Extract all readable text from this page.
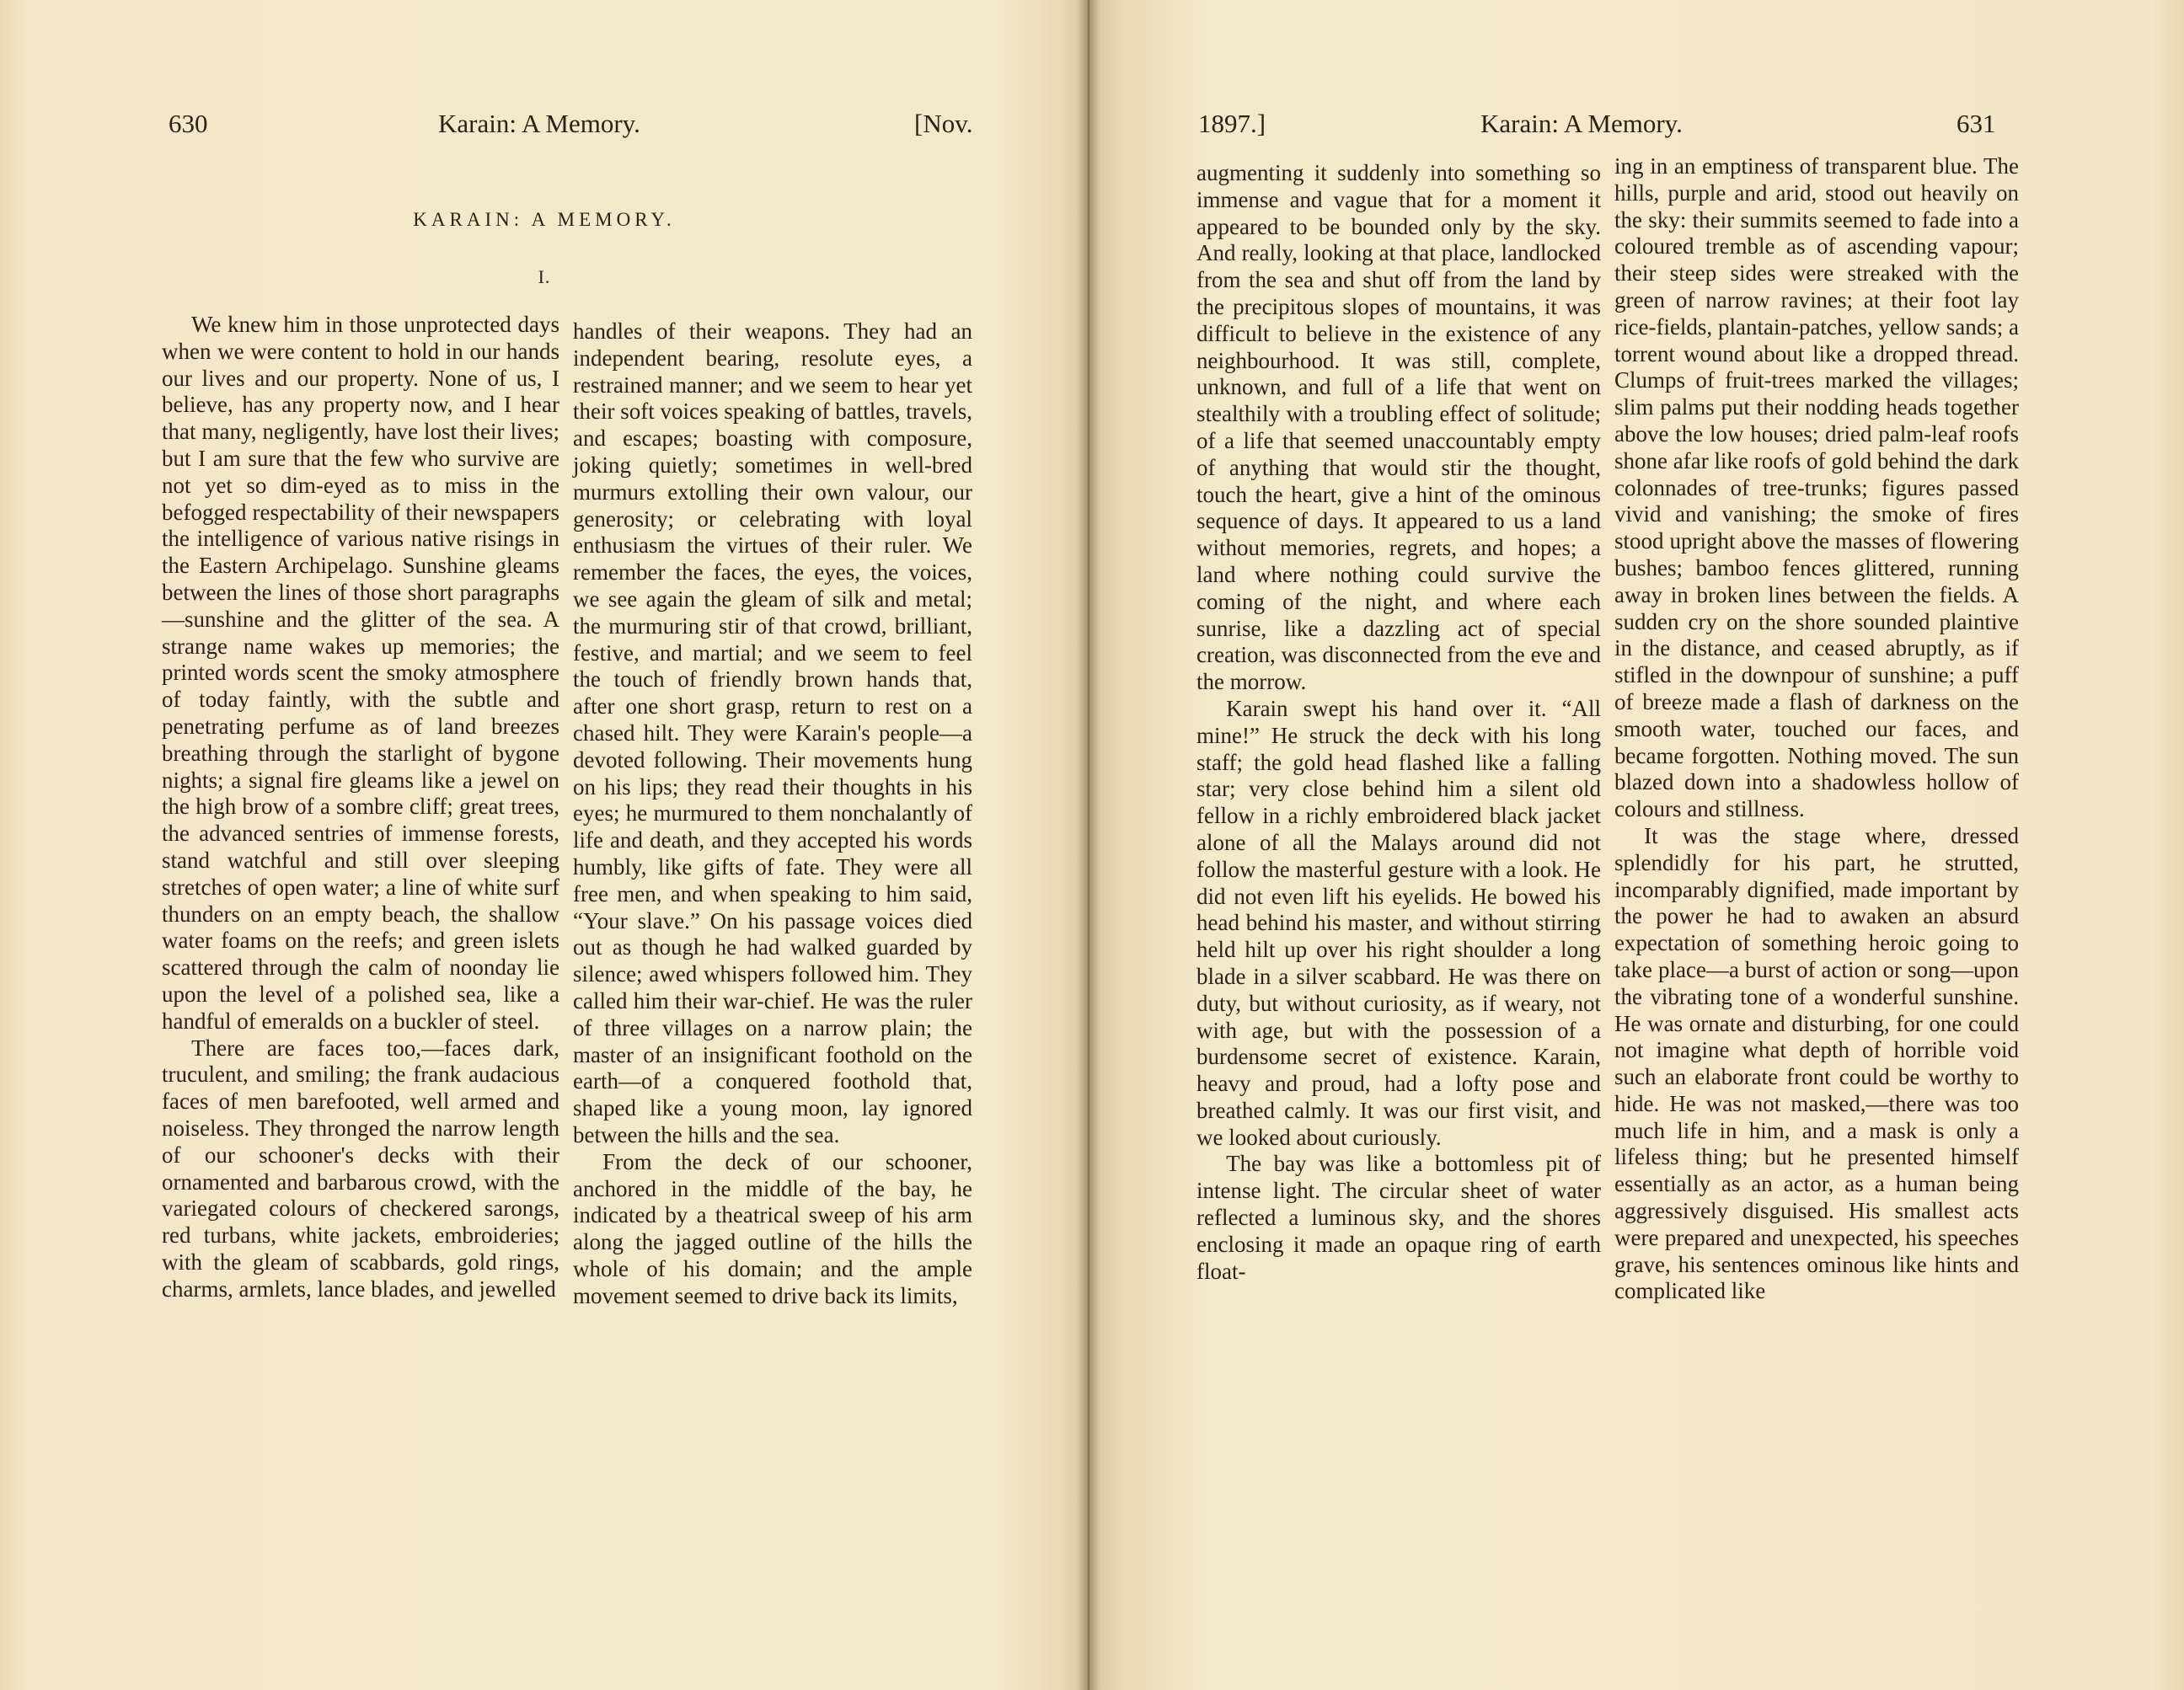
630	Karain: A Memory.	[Nov.
KARAIN: A MEMORY.
I.

We knew him in those unprotected days when we were content to hold in our hands our lives and our property. None of us, I believe, has any property now, and I hear that many, negligently, have lost their lives; but I am sure that the few who survive are not yet so dim-eyed as to miss in the befogged respectability of their newspapers the intelligence of various native risings in the Eastern Archipelago. Sunshine gleams between the lines of those short paragraphs—sunshine and the glitter of the sea. A strange name wakes up memories; the printed words scent the smoky atmosphere of today faintly, with the subtle and penetrating perfume as of land breezes breathing through the starlight of bygone nights; a signal fire gleams like a jewel on the high brow of a sombre cliff; great trees, the advanced sentries of immense forests, stand watchful and still over sleeping stretches of open water; a line of white surf thunders on an empty beach, the shallow water foams on the reefs; and green islets scattered through the calm of noonday lie upon the level of a polished sea, like a handful of emeralds on a buckler of steel.

There are faces too,—faces dark, truculent, and smiling; the frank audacious faces of men barefooted, well armed and noiseless. They thronged the narrow length of our schooner's decks with their ornamented and barbarous crowd, with the variegated colours of checkered sarongs, red turbans, white jackets, embroideries; with the gleam of scabbards, gold rings, charms, armlets, lance blades, and jewelled

handles of their weapons. They had an independent bearing, resolute eyes, a restrained manner; and we seem to hear yet their soft voices speaking of battles, travels, and escapes; boasting with composure, joking quietly; sometimes in well-bred murmurs extolling their own valour, our generosity; or celebrating with loyal enthusiasm the virtues of their ruler. We remember the faces, the eyes, the voices, we see again the gleam of silk and metal; the murmuring stir of that crowd, brilliant, festive, and martial; and we seem to feel the touch of friendly brown hands that, after one short grasp, return to rest on a chased hilt. They were Karain's people—a devoted following. Their movements hung on his lips; they read their thoughts in his eyes; he murmured to them nonchalantly of life and death, and they accepted his words humbly, like gifts of fate. They were all free men, and when speaking to him said, “Your slave.” On his passage voices died out as though he had walked guarded by silence; awed whispers followed him. They called him their war-chief. He was the ruler of three villages on a narrow plain; the master of an insignificant foothold on the earth—of a conquered foothold that, shaped like a young moon, lay ignored between the hills and the sea.

From the deck of our schooner, anchored in the middle of the bay, he indicated by a theatrical sweep of his arm along the jagged outline of the hills the whole of his domain; and the ample movement seemed to drive back its limits,

1897.]	Karain: A Memory.	631

augmenting it suddenly into something so immense and vague that for a moment it appeared to be bounded only by the sky. And really, looking at that place, landlocked from the sea and shut off from the land by the precipitous slopes of mountains, it was difficult to believe in the existence of any neighbourhood. It was still, complete, unknown, and full of a life that went on stealthily with a troubling effect of solitude; of a life that seemed unaccountably empty of anything that would stir the thought, touch the heart, give a hint of the ominous sequence of days. It appeared to us a land without memories, regrets, and hopes; a land where nothing could survive the coming of the night, and where each sunrise, like a dazzling act of special creation, was disconnected from the eve and the morrow.

Karain swept his hand over it. “All mine!” He struck the deck with his long staff; the gold head flashed like a falling star; very close behind him a silent old fellow in a richly embroidered black jacket alone of all the Malays around did not follow the masterful gesture with a look. He did not even lift his eyelids. He bowed his head behind his master, and without stirring held hilt up over his right shoulder a long blade in a silver scabbard. He was there on duty, but without curiosity, as if weary, not with age, but with the possession of a burdensome secret of existence. Karain, heavy and proud, had a lofty pose and breathed calmly. It was our first visit, and we looked about curiously.

The bay was like a bottomless pit of intense light. The circular sheet of water reflected a luminous sky, and the shores enclosing it made an opaque ring of earth float-

ing in an emptiness of transparent blue. The hills, purple and arid, stood out heavily on the sky: their summits seemed to fade into a coloured tremble as of ascending vapour; their steep sides were streaked with the green of narrow ravines; at their foot lay rice-fields, plantain-patches, yellow sands; a torrent wound about like a dropped thread. Clumps of fruit-trees marked the villages; slim palms put their nodding heads together above the low houses; dried palm-leaf roofs shone afar like roofs of gold behind the dark colonnades of tree-trunks; figures passed vivid and vanishing; the smoke of fires stood upright above the masses of flowering bushes; bamboo fences glittered, running away in broken lines between the fields. A sudden cry on the shore sounded plaintive in the distance, and ceased abruptly, as if stifled in the downpour of sunshine; a puff of breeze made a flash of darkness on the smooth water, touched our faces, and became forgotten. Nothing moved. The sun blazed down into a shadowless hollow of colours and stillness.

It was the stage where, dressed splendidly for his part, he strutted, incomparably dignified, made important by the power he had to awaken an absurd expectation of something heroic going to take place—a burst of action or song—upon the vibrating tone of a wonderful sunshine. He was ornate and disturbing, for one could not imagine what depth of horrible void such an elaborate front could be worthy to hide. He was not masked,—there was too much life in him, and a mask is only a lifeless thing; but he presented himself essentially as an actor, as a human being aggressively disguised. His smallest acts were prepared and unexpected, his speeches grave, his sentences ominous like hints and complicated like
